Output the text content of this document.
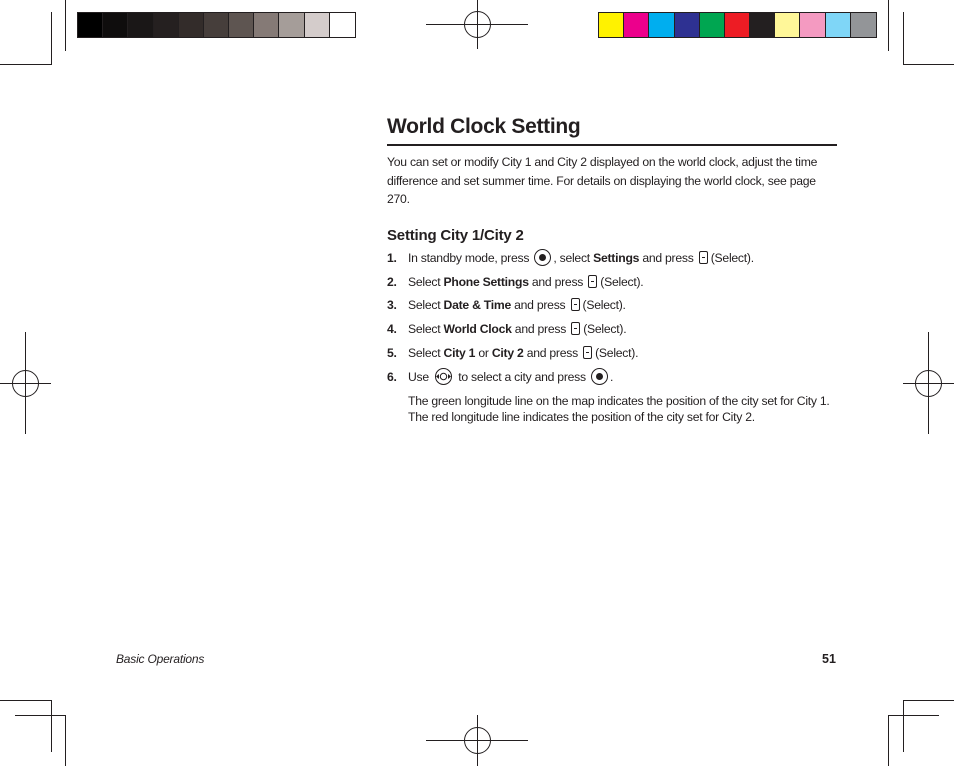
World Clock Setting
You can set or modify City 1 and City 2 displayed on the world clock, adjust the time difference and set summer time. For details on displaying the world clock, see page 270.
Setting City 1/City 2
1. In standby mode, press , select Settings and press (Select).
2. Select Phone Settings and press (Select).
3. Select Date & Time and press (Select).
4. Select World Clock and press (Select).
5. Select City 1 or City 2 and press (Select).
6. Use to select a city and press .
The green longitude line on the map indicates the position of the city set for City 1.
The red longitude line indicates the position of the city set for City 2.
Basic Operations	51
